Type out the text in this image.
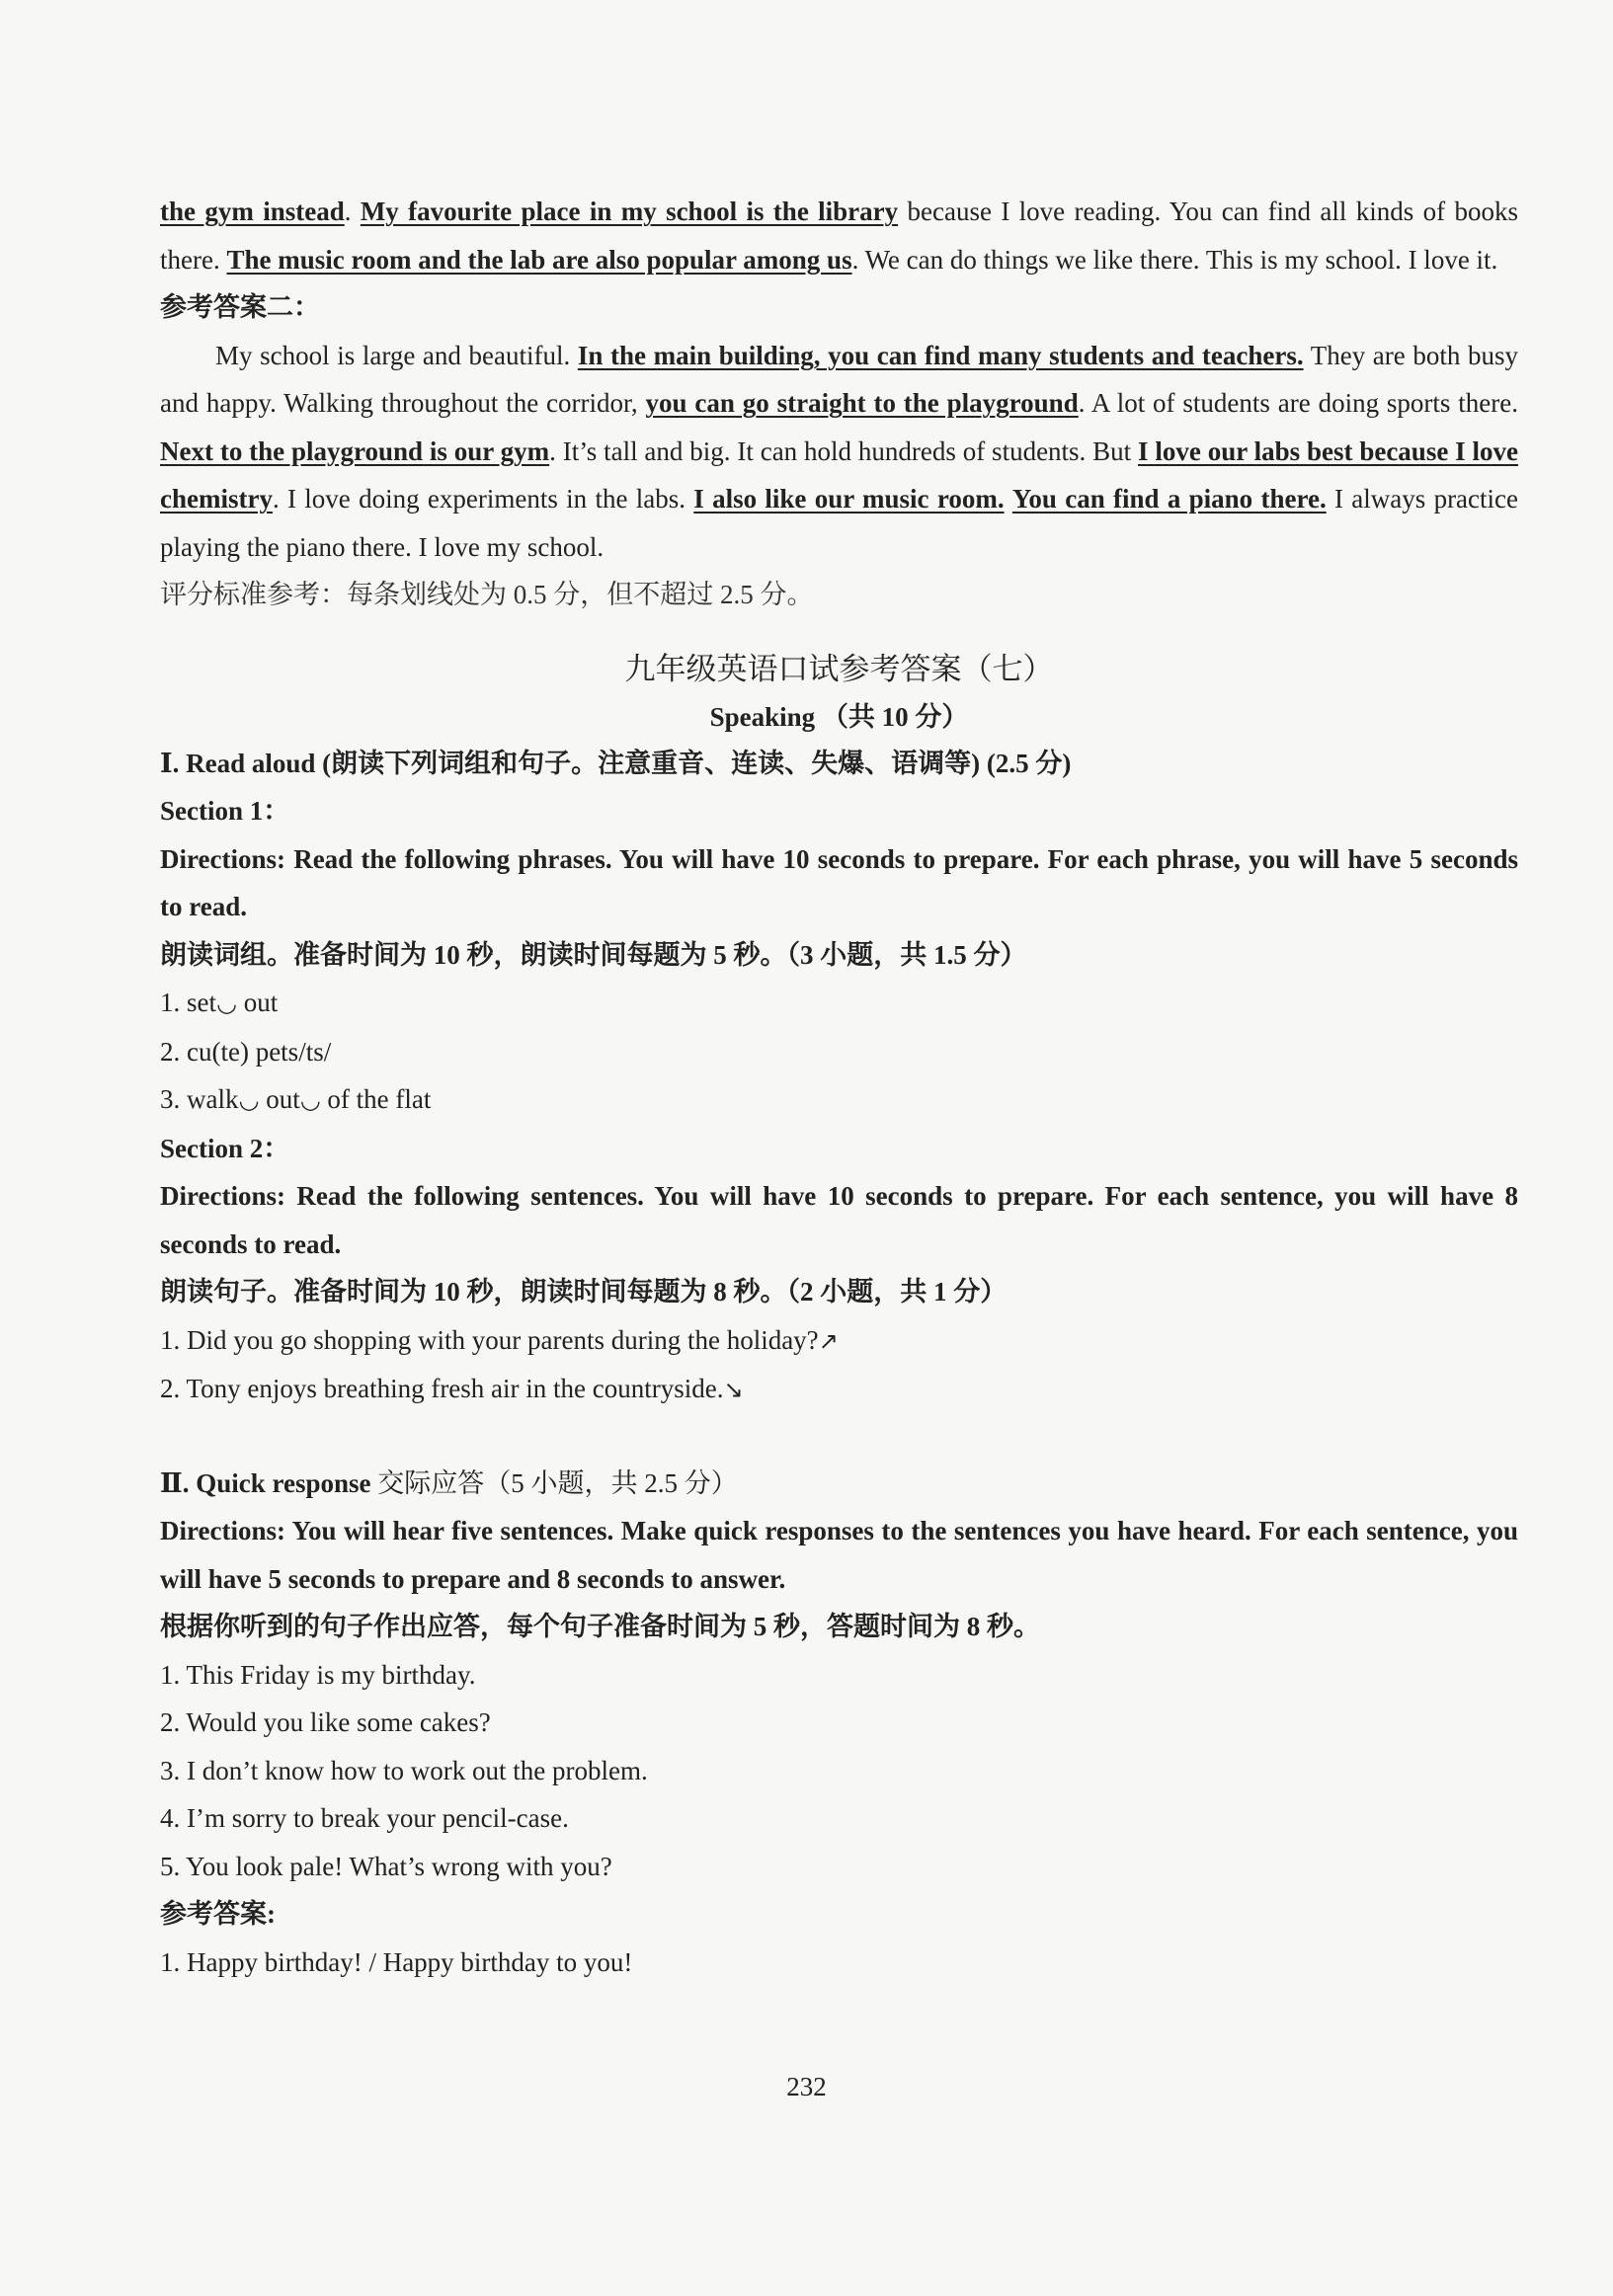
the gym instead. My favourite place in my school is the library because I love reading. You can find all kinds of books there. The music room and the lab are also popular among us. We can do things we like there. This is my school. I love it.

参考答案二：

My school is large and beautiful. In the main building, you can find many students and teachers. They are both busy and happy. Walking throughout the corridor, you can go straight to the playground. A lot of students are doing sports there. Next to the playground is our gym. It’s tall and big. It can hold hundreds of students. But I love our labs best because I love chemistry. I love doing experiments in the labs. I also like our music room. You can find a piano there. I always practice playing the piano there. I love my school.

评分标准参考：每条划线处为 0.5 分，但不超过 2.5 分。
九年级英语口试参考答案（七）
Speaking （共 10 分）
Ⅰ. Read aloud (朗读下列词组和句子。注意重音、连读、失爆、语调等) (2.5 分)
Section 1：

Directions: Read the following phrases. You will have 10 seconds to prepare. For each phrase, you will have 5 seconds to read.

朗读词组。准备时间为 10 秒，朗读时间每题为 5 秒。（3 小题，共 1.5 分）
1. set◡ out
2. cu(te) pets/ts/
3. walk◡ out◡ of the flat
Section 2：

Directions: Read the following sentences. You will have 10 seconds to prepare. For each sentence, you will have 8 seconds to read.

朗读句子。准备时间为 10 秒，朗读时间每题为 8 秒。（2 小题，共 1 分）
1. Did you go shopping with your parents during the holiday?↗
2. Tony enjoys breathing fresh air in the countryside.↘
Ⅱ. Quick response 交际应答（5 小题，共 2.5 分）

Directions: You will hear five sentences. Make quick responses to the sentences you have heard. For each sentence, you will have 5 seconds to prepare and 8 seconds to answer.

根据你听到的句子作出应答，每个句子准备时间为 5 秒，答题时间为 8 秒。
1. This Friday is my birthday.
2. Would you like some cakes?
3. I don’t know how to work out the problem.
4. I’m sorry to break your pencil-case.
5. You look pale! What’s wrong with you?
参考答案:
1. Happy birthday! / Happy birthday to you!
232
